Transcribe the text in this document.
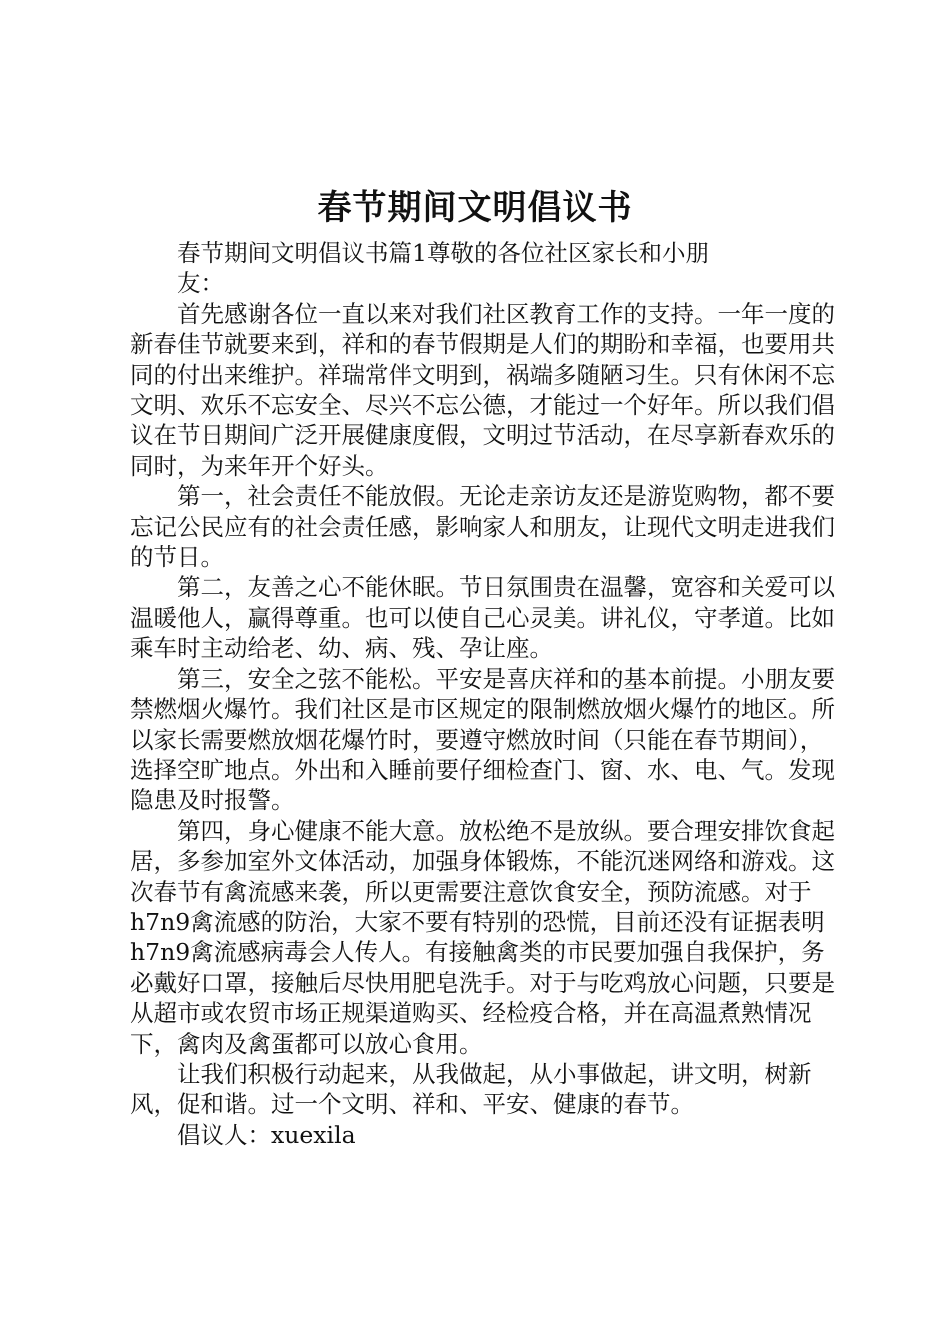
春节期间文明倡议书

春节期间文明倡议书篇1尊敬的各位社区家长和小朋友：

首先感谢各位一直以来对我们社区教育工作的支持。一年一度的新春佳节就要来到，祥和的春节假期是人们的期盼和幸福，也要用共同的付出来维护。祥瑞常伴文明到，祸端多随陋习生。只有休闲不忘文明、欢乐不忘安全、尽兴不忘公德，才能过一个好年。所以我们倡议在节日期间广泛开展健康度假，文明过节活动，在尽享新春欢乐的同时，为来年开个好头。

第一，社会责任不能放假。无论走亲访友还是游览购物，都不要忘记公民应有的社会责任感，影响家人和朋友，让现代文明走进我们的节日。

第二，友善之心不能休眠。节日氛围贵在温馨，宽容和关爱可以温暖他人，赢得尊重。也可以使自己心灵美。讲礼仪，守孝道。比如乘车时主动给老、幼、病、残、孕让座。

第三，安全之弦不能松。平安是喜庆祥和的基本前提。小朋友要禁燃烟火爆竹。我们社区是市区规定的限制燃放烟火爆竹的地区。所以家长需要燃放烟花爆竹时，要遵守燃放时间（只能在春节期间），选择空旷地点。外出和入睡前要仔细检查门、窗、水、电、气。发现隐患及时报警。

第四，身心健康不能大意。放松绝不是放纵。要合理安排饮食起居，多参加室外文体活动，加强身体锻炼，不能沉迷网络和游戏。这次春节有禽流感来袭，所以更需要注意饮食安全，预防流感。对于h7n9禽流感的防治，大家不要有特别的恐慌，目前还没有证据表明h7n9禽流感病毒会人传人。有接触禽类的市民要加强自我保护，务必戴好口罩，接触后尽快用肥皂洗手。对于与吃鸡放心问题，只要是从超市或农贸市场正规渠道购买、经检疫合格，并在高温煮熟情况下，禽肉及禽蛋都可以放心食用。

让我们积极行动起来，从我做起，从小事做起，讲文明，树新风，促和谐。过一个文明、祥和、平安、健康的春节。

倡议人：xuexila
